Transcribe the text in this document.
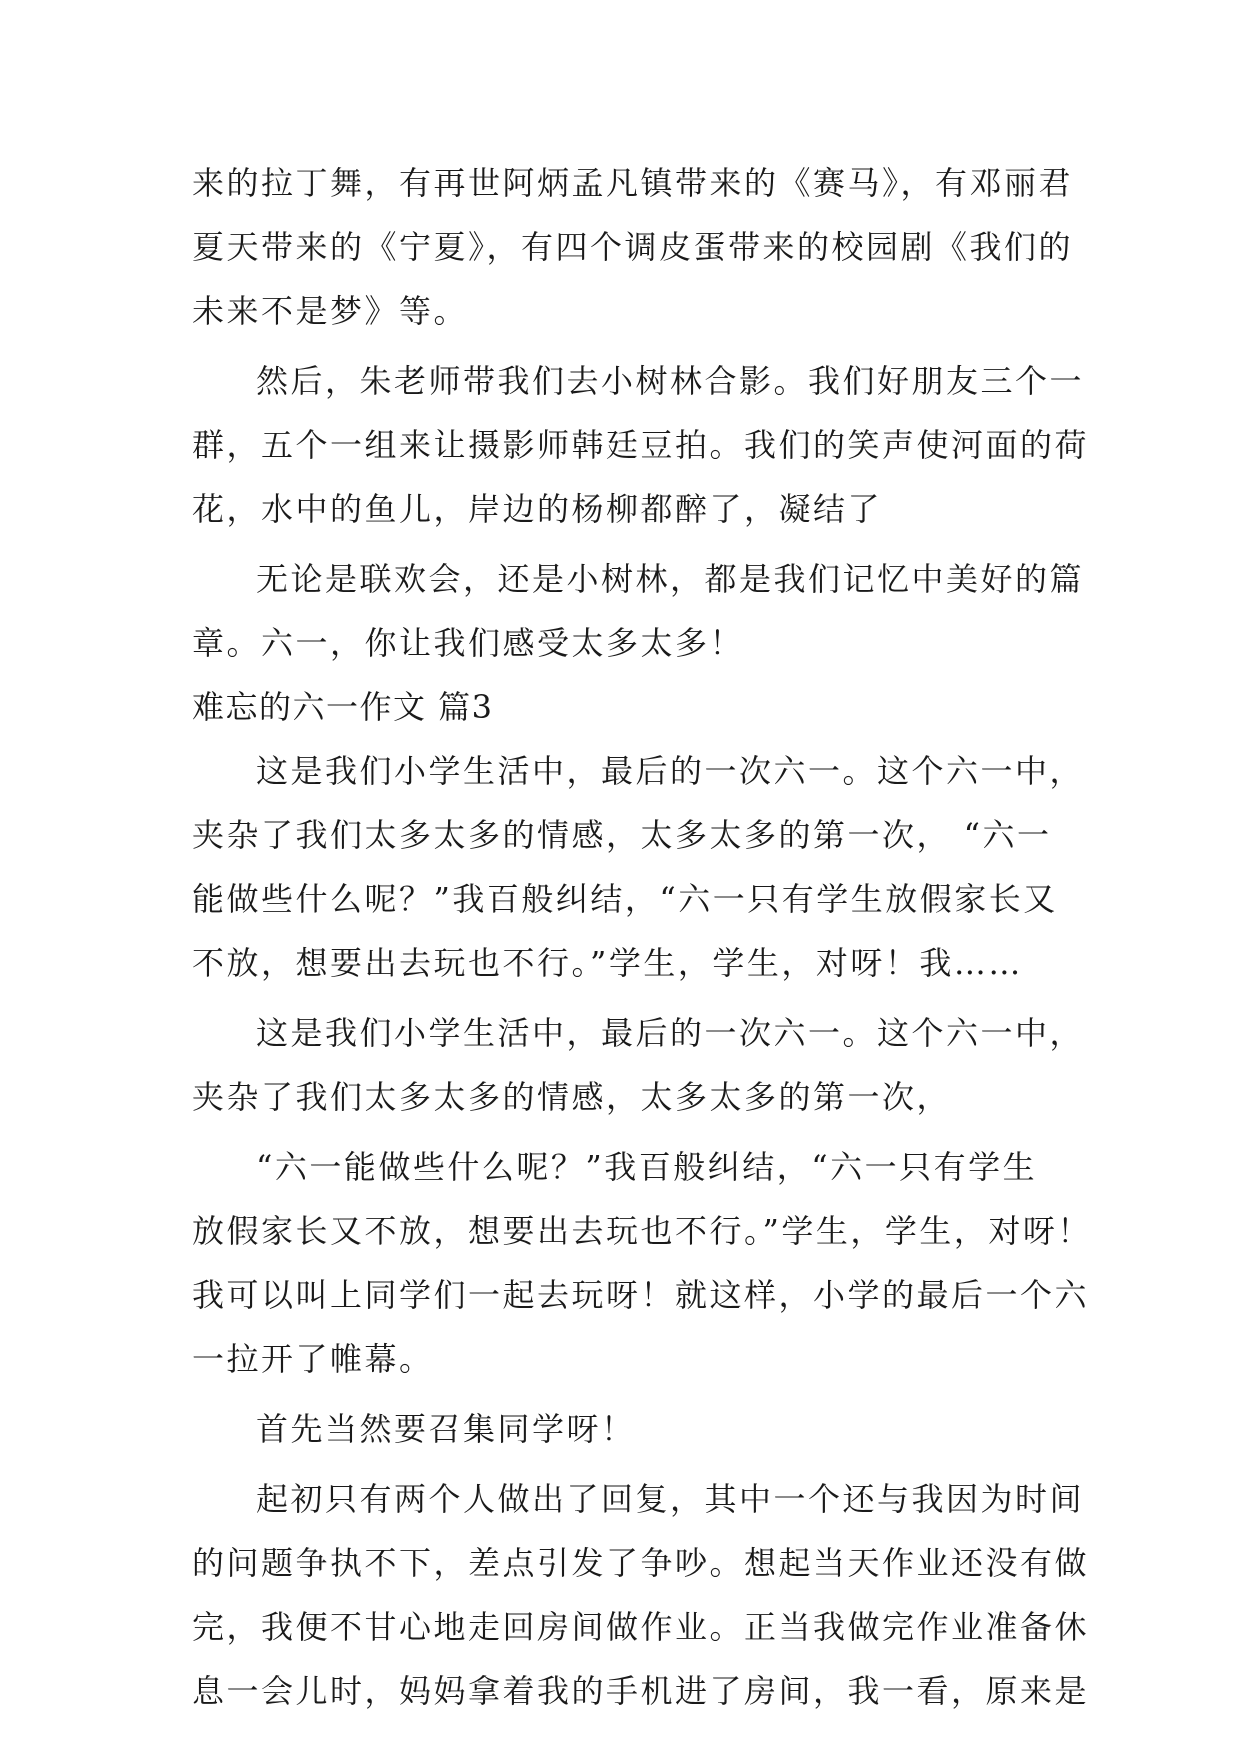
来的拉丁舞，有再世阿炳孟凡镇带来的《赛马》，有邓丽君
夏天带来的《宁夏》，有四个调皮蛋带来的校园剧《我们的
未来不是梦》等。
然后，朱老师带我们去小树林合影。我们好朋友三个一
群，五个一组来让摄影师韩廷豆拍。我们的笑声使河面的荷
花，水中的鱼儿，岸边的杨柳都醉了，凝结了
无论是联欢会，还是小树林，都是我们记忆中美好的篇
章。六一，你让我们感受太多太多！
难忘的六一作文 篇3
这是我们小学生活中，最后的一次六一。这个六一中，
夹杂了我们太多太多的情感，太多太多的第一次， “六一
能做些什么呢？”我百般纠结，“六一只有学生放假家长又
不放，想要出去玩也不行。”学生，学生，对呀！我……
这是我们小学生活中，最后的一次六一。这个六一中，
夹杂了我们太多太多的情感，太多太多的第一次，
“六一能做些什么呢？”我百般纠结，“六一只有学生
放假家长又不放，想要出去玩也不行。”学生，学生，对呀！
我可以叫上同学们一起去玩呀！就这样，小学的最后一个六
一拉开了帷幕。
首先当然要召集同学呀！
起初只有两个人做出了回复，其中一个还与我因为时间
的问题争执不下，差点引发了争吵。想起当天作业还没有做
完，我便不甘心地走回房间做作业。正当我做完作业准备休
息一会儿时，妈妈拿着我的手机进了房间，我一看，原来是
